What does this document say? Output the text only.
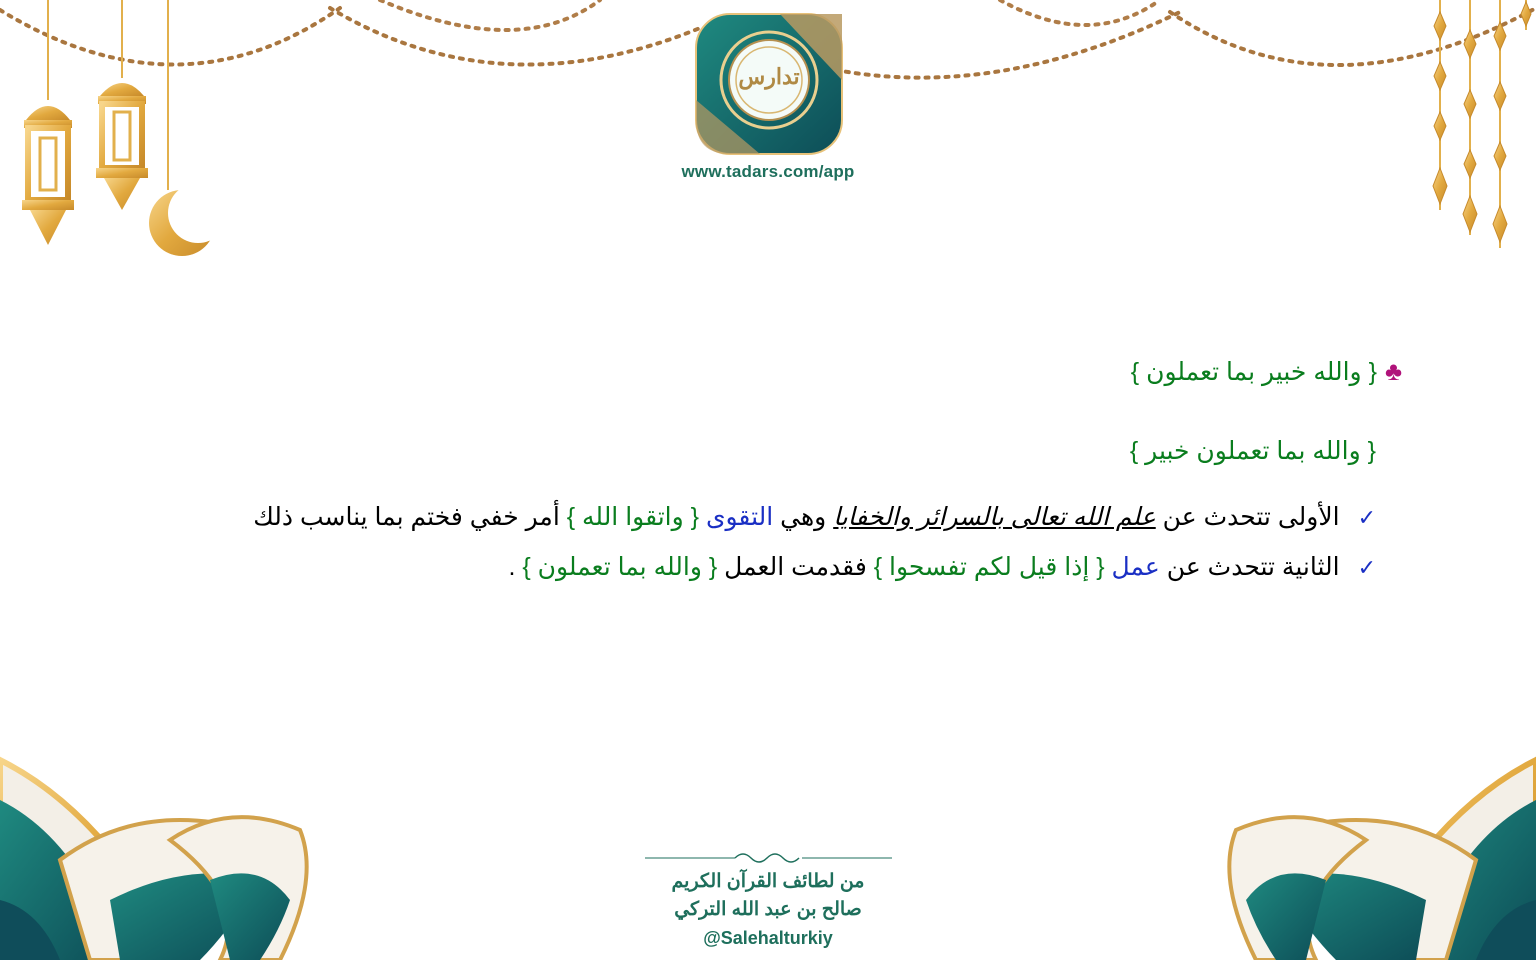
تدارس
www.tadars.com/app
♣{ والله خبير بما تعملون }
{ والله بما تعملون خبير }
✓الأولى تتحدث عن علم الله تعالى بالسرائر والخفايا وهي التقوى { واتقوا الله } أمر خفي فختم بما يناسب ذلك
✓الثانية تتحدث عن عمل { إذا قيل لكم تفسحوا } فقدمت العمل { والله بما تعملون } .
من لطائف القرآن الكريم
صالح بن عبد الله التركي
@Salehalturkiy
